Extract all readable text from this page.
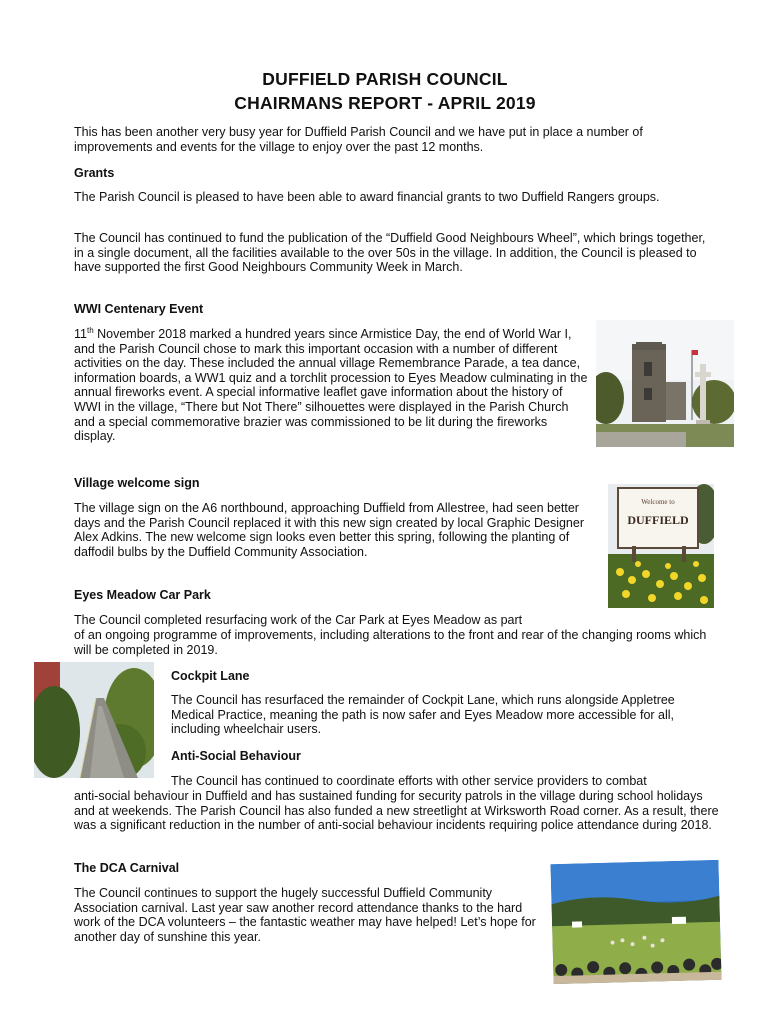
DUFFIELD PARISH COUNCIL
CHAIRMANS REPORT - APRIL 2019

This has been another very busy year for Duffield Parish Council and we have put in place a number of improvements and events for the village to enjoy over the past 12 months.

Grants

The Parish Council is pleased to have been able to award financial grants to two Duffield Rangers groups.

The Council has continued to fund the publication of the “Duffield Good Neighbours Wheel”, which brings together, in a single document, all the facilities available to the over 50s in the village. In addition, the Council is pleased to have supported the first Good Neighbours Community Week in March.

WWI Centenary Event

11th November 2018 marked a hundred years since Armistice Day, the end of World War I, and the Parish Council chose to mark this important occasion with a number of different activities on the day. These included the annual village Remembrance Parade, a tea dance, information boards, a WW1 quiz and a torchlit procession to Eyes Meadow culminating in the annual fireworks event. A special informative leaflet gave information about the history of WWI in the village, “There but Not There” silhouettes were displayed in the Parish Church and a special commemorative brazier was commissioned to be lit during the fireworks display.

Village welcome sign

The village sign on the A6 northbound, approaching Duffield from Allestree, had seen better days and the Parish Council replaced it with this new sign created by local Graphic Designer Alex Adkins. The new welcome sign looks even better this spring, following the planting of daffodil bulbs by the Duffield Community Association.

Welcome to
DUFFIELD
Eyes Meadow Car Park

The Council completed resurfacing work of the Car Park at Eyes Meadow as part

of an ongoing programme of improvements, including alterations to the front and rear of the changing rooms which will be completed in 2019.

Cockpit Lane

The Council has resurfaced the remainder of Cockpit Lane, which runs alongside Appletree Medical Practice, meaning the path is now safer and Eyes Meadow more accessible for all, including wheelchair users.

Anti-Social Behaviour

The Council has continued to coordinate efforts with other service providers to combat

anti-social behaviour in Duffield and has sustained funding for security patrols in the village during school holidays and at weekends. The Parish Council has also funded a new streetlight at Wirksworth Road corner. As a result, there was a significant reduction in the number of anti-social behaviour incidents requiring police attendance during 2018.

The DCA Carnival

The Council continues to support the hugely successful Duffield Community Association carnival. Last year saw another record attendance thanks to the hard work of the DCA volunteers – the fantastic weather may have helped! Let’s hope for another day of sunshine this year.
